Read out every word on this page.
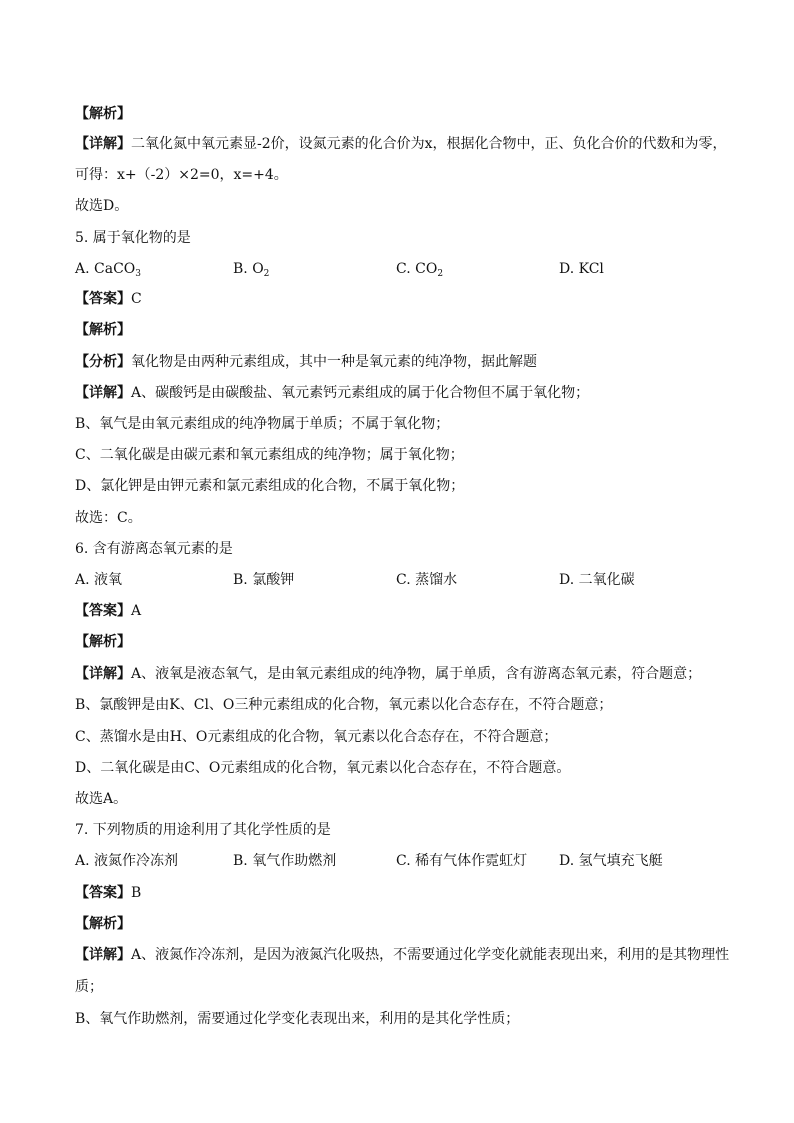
【解析】
【详解】二氧化氮中氧元素显-2价，设氮元素的化合价为x，根据化合物中，正、负化合价的代数和为零，
可得：x+（-2）×2=0，x=+4。
故选D。
5. 属于氧化物的是
A. CaCO$_3$	B. $O_2$	C. $CO_2$	D. KCl
【答案】C
【解析】
【分析】氧化物是由两种元素组成，其中一种是氧元素的纯净物，据此解题
【详解】A、碳酸钙是由碳酸盐、氧元素钙元素组成的属于化合物但不属于氧化物；
B、氧气是由氧元素组成的纯净物属于单质；不属于氧化物；
C、二氧化碳是由碳元素和氧元素组成的纯净物；属于氧化物；
D、氯化钾是由钾元素和氯元素组成的化合物，不属于氧化物；
故选：C。
6. 含有游离态氧元素的是
A. 液氧	B. 氯酸钾	C. 蒸馏水	D. 二氧化碳
【答案】A
【解析】
【详解】A、液氧是液态氧气，是由氧元素组成的纯净物，属于单质，含有游离态氧元素，符合题意；
B、氯酸钾是由K、Cl、O三种元素组成的化合物，氧元素以化合态存在，不符合题意；
C、蒸馏水是由H、O元素组成的化合物，氧元素以化合态存在，不符合题意；
D、二氧化碳是由C、O元素组成的化合物，氧元素以化合态存在，不符合题意。
故选A。
7. 下列物质的用途利用了其化学性质的是
A. 液氮作冷冻剂	B. 氧气作助燃剂	C. 稀有气体作霓虹灯 D. 氢气填充飞艇
【答案】B
【解析】
【详解】A、液氮作冷冻剂，是因为液氮汽化吸热，不需要通过化学变化就能表现出来，利用的是其物理性
质；
B、氧气作助燃剂，需要通过化学变化表现出来，利用的是其化学性质；
